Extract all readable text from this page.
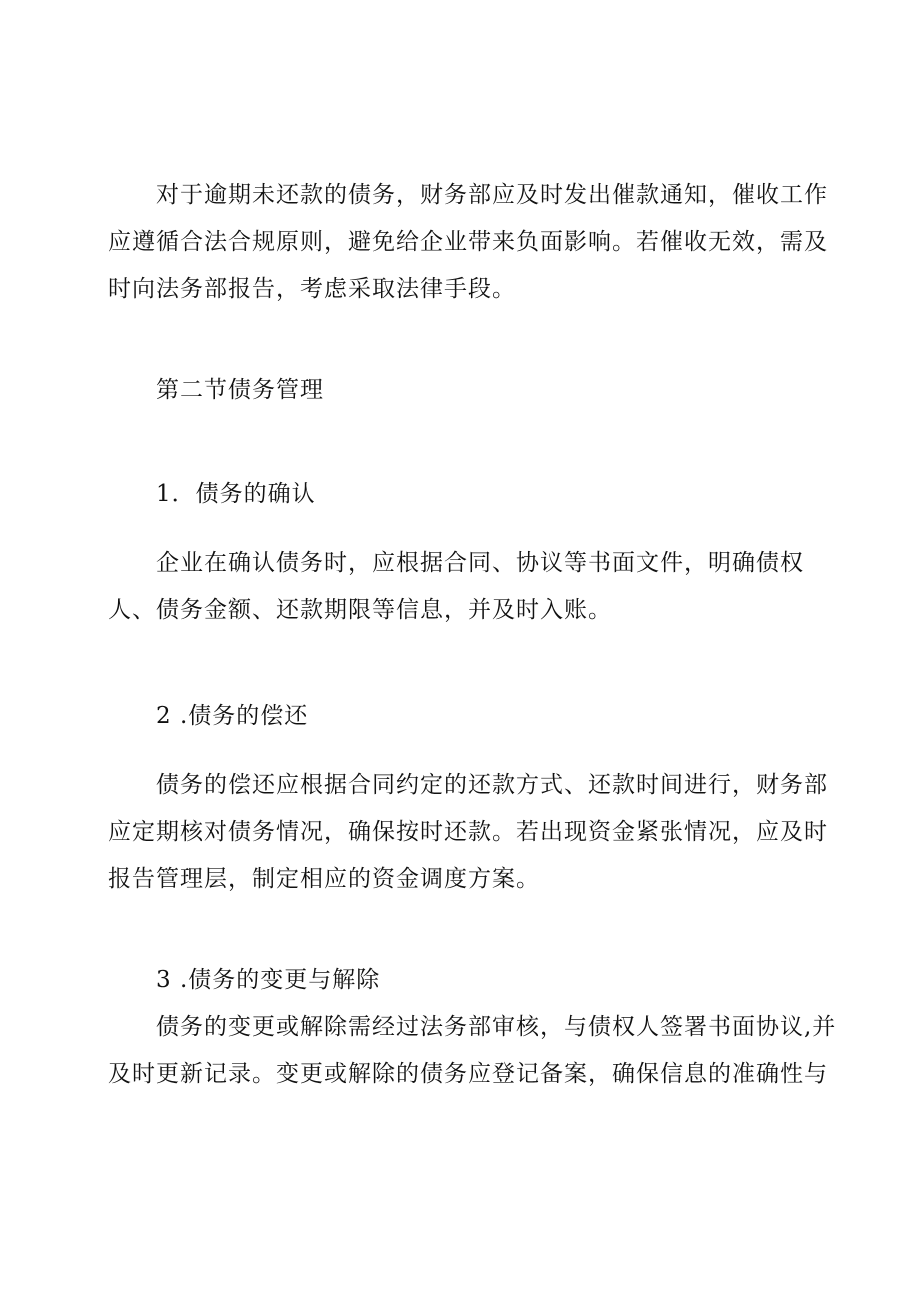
对于逾期未还款的债务，财务部应及时发出催款通知，催收工作
应遵循合法合规原则，避免给企业带来负面影响。若催收无效，需及
时向法务部报告，考虑采取法律手段。
第二节债务管理
1．债务的确认
企业在确认债务时，应根据合同、协议等书面文件，明确债权
人、债务金额、还款期限等信息，并及时入账。
2 .债务的偿还
债务的偿还应根据合同约定的还款方式、还款时间进行，财务部
应定期核对债务情况，确保按时还款。若出现资金紧张情况，应及时
报告管理层，制定相应的资金调度方案。
3 .债务的变更与解除
债务的变更或解除需经过法务部审核，与债权人签署书面协议,并
及时更新记录。变更或解除的债务应登记备案，确保信息的准确性与
